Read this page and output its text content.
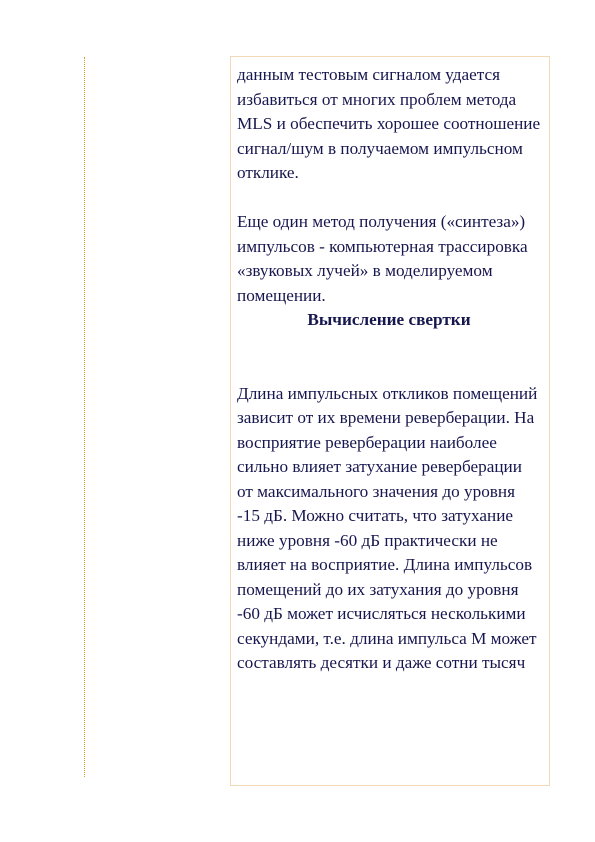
данным тестовым сигналом удается избавиться от многих проблем метода MLS и обеспечить хорошее соотношение сигнал/шум в получаемом импульсном отклике.

Еще один метод получения («синтеза») импульсов - компьютерная трассировка «звуковых лучей» в моделируемом помещении.

Вычисление свертки

Длина импульсных откликов помещений зависит от их времени реверберации. На восприятие реверберации наиболее сильно влияет затухание реверберации от максимального значения до уровня -15 дБ. Можно считать, что затухание ниже уровня -60 дБ практически не влияет на восприятие. Длина импульсов помещений до их затухания до уровня -60 дБ может исчисляться несколькими секундами, т.е. длина импульса M может составлять десятки и даже сотни тысяч
